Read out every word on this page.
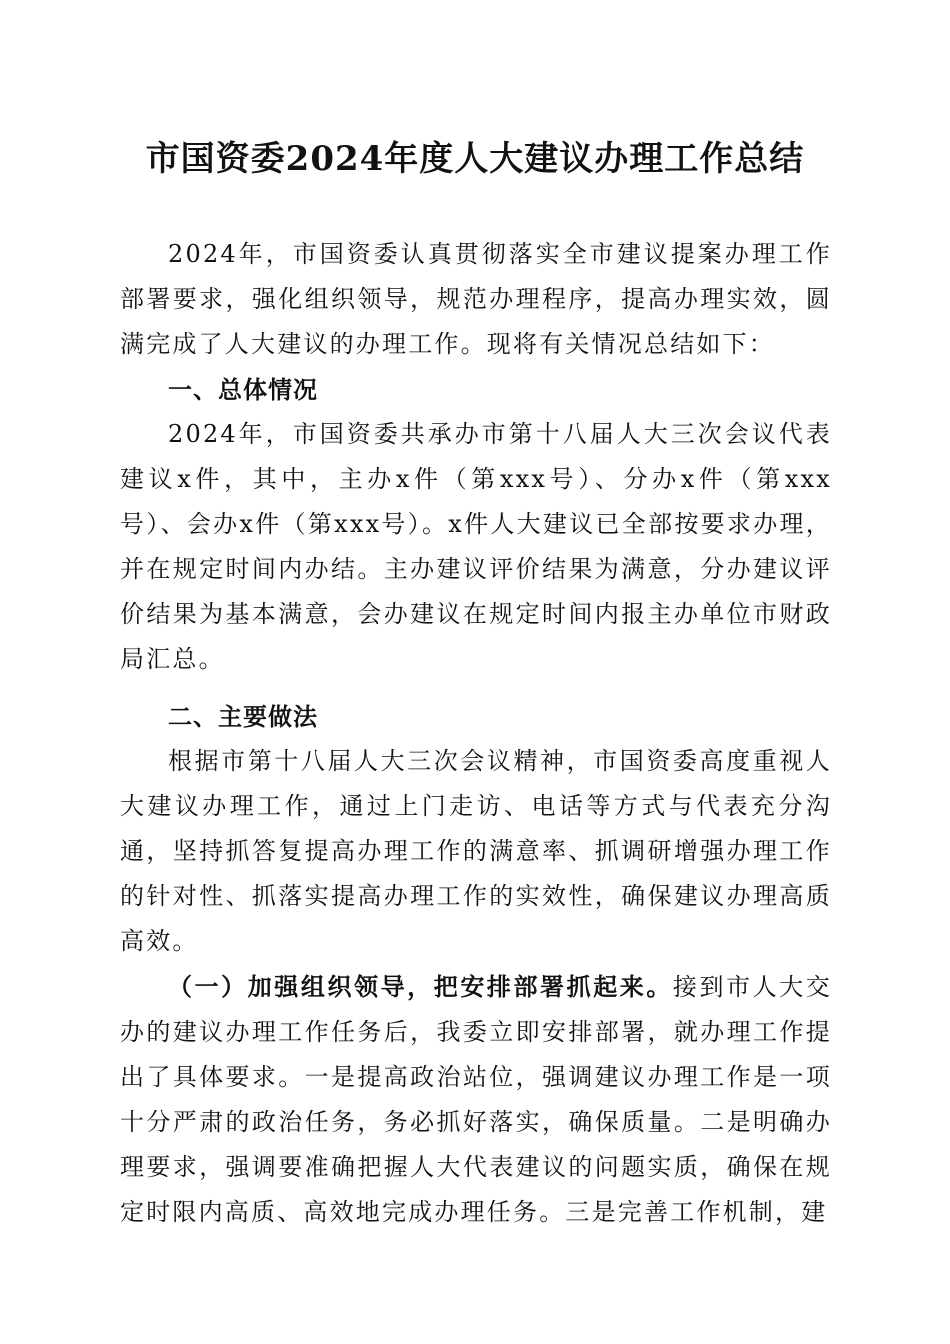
市国资委2024年度人大建议办理工作总结

2024年，市国资委认真贯彻落实全市建议提案办理工作部署要求，强化组织领导，规范办理程序，提高办理实效，圆满完成了人大建议的办理工作。现将有关情况总结如下：

一、总体情况

2024年，市国资委共承办市第十八届人大三次会议代表建议x件，其中，主办x件（第xxx号）、分办x件（第xxx号）、会办x件（第xxx号）。x件人大建议已全部按要求办理，并在规定时间内办结。主办建议评价结果为满意，分办建议评价结果为基本满意，会办建议在规定时间内报主办单位市财政局汇总。

二、主要做法

根据市第十八届人大三次会议精神，市国资委高度重视人大建议办理工作，通过上门走访、电话等方式与代表充分沟通，坚持抓答复提高办理工作的满意率、抓调研增强办理工作的针对性、抓落实提高办理工作的实效性，确保建议办理高质高效。

（一）加强组织领导，把安排部署抓起来。接到市人大交办的建议办理工作任务后，我委立即安排部署，就办理工作提出了具体要求。一是提高政治站位，强调建议办理工作是一项十分严肃的政治任务，务必抓好落实，确保质量。二是明确办理要求，强调要准确把握人大代表建议的问题实质，确保在规定时限内高质、高效地完成办理任务。三是完善工作机制，建
